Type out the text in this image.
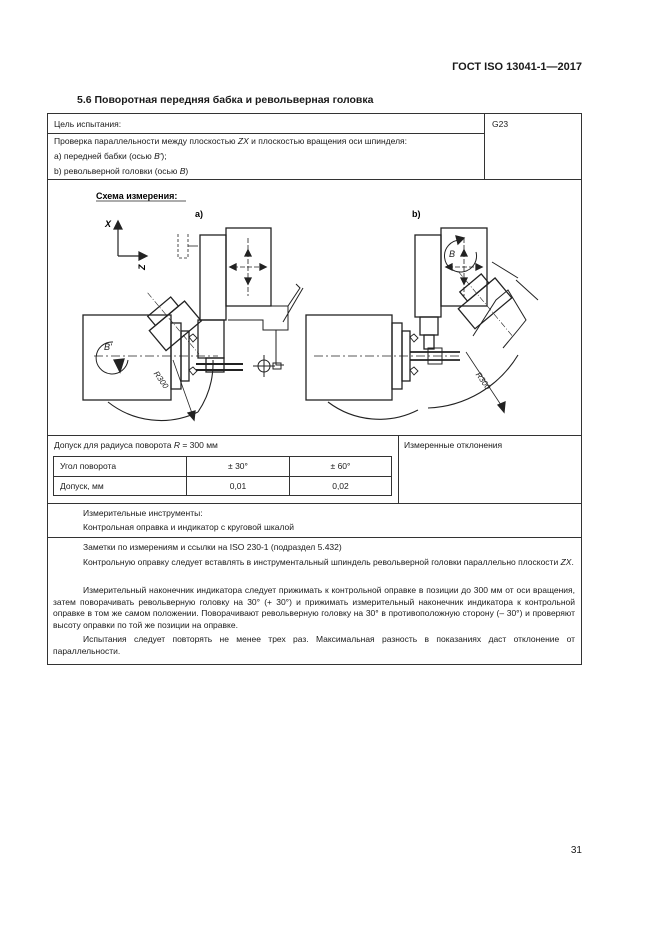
ГОСТ ISO 13041-1—2017
5.6 Поворотная передняя бабка и револьверная головка
Цель испытания:	G23
Проверка параллельности между плоскостью ZX и плоскостью вращения оси шпинделя:
a) передней бабки (осью B');
b) револьверной головки (осью B)
Схема измерения:
a)	b)
X
Z
B'
R300	R300
B
Допуск для радиуса поворота R = 300 мм	Измеренные отклонения
Угол поворота	± 30°	± 60°
Допуск, мм	0,01	0,02
Измерительные инструменты:
Контрольная оправка и индикатор с круговой шкалой
Заметки по измерениям и ссылки на ISO 230-1 (подраздел 5.432)
Контрольную оправку следует вставлять в инструментальный шпиндель револьверной головки параллельно плоскости ZX.
Измерительный наконечник индикатора следует прижимать к контрольной оправке в позиции до 300 мм от оси вращения, затем поворачивать револьверную головку на 30° (+ 30°) и прижимать измерительный наконечник индикатора к контрольной оправке в том же самом положении. Поворачивают револьверную головку на 30° в противоположную сторону (– 30°) и проверяют высоту оправки по той же позиции на оправке.
Испытания следует повторять не менее трех раз. Максимальная разность в показаниях даст отклонение от параллельности.
31
